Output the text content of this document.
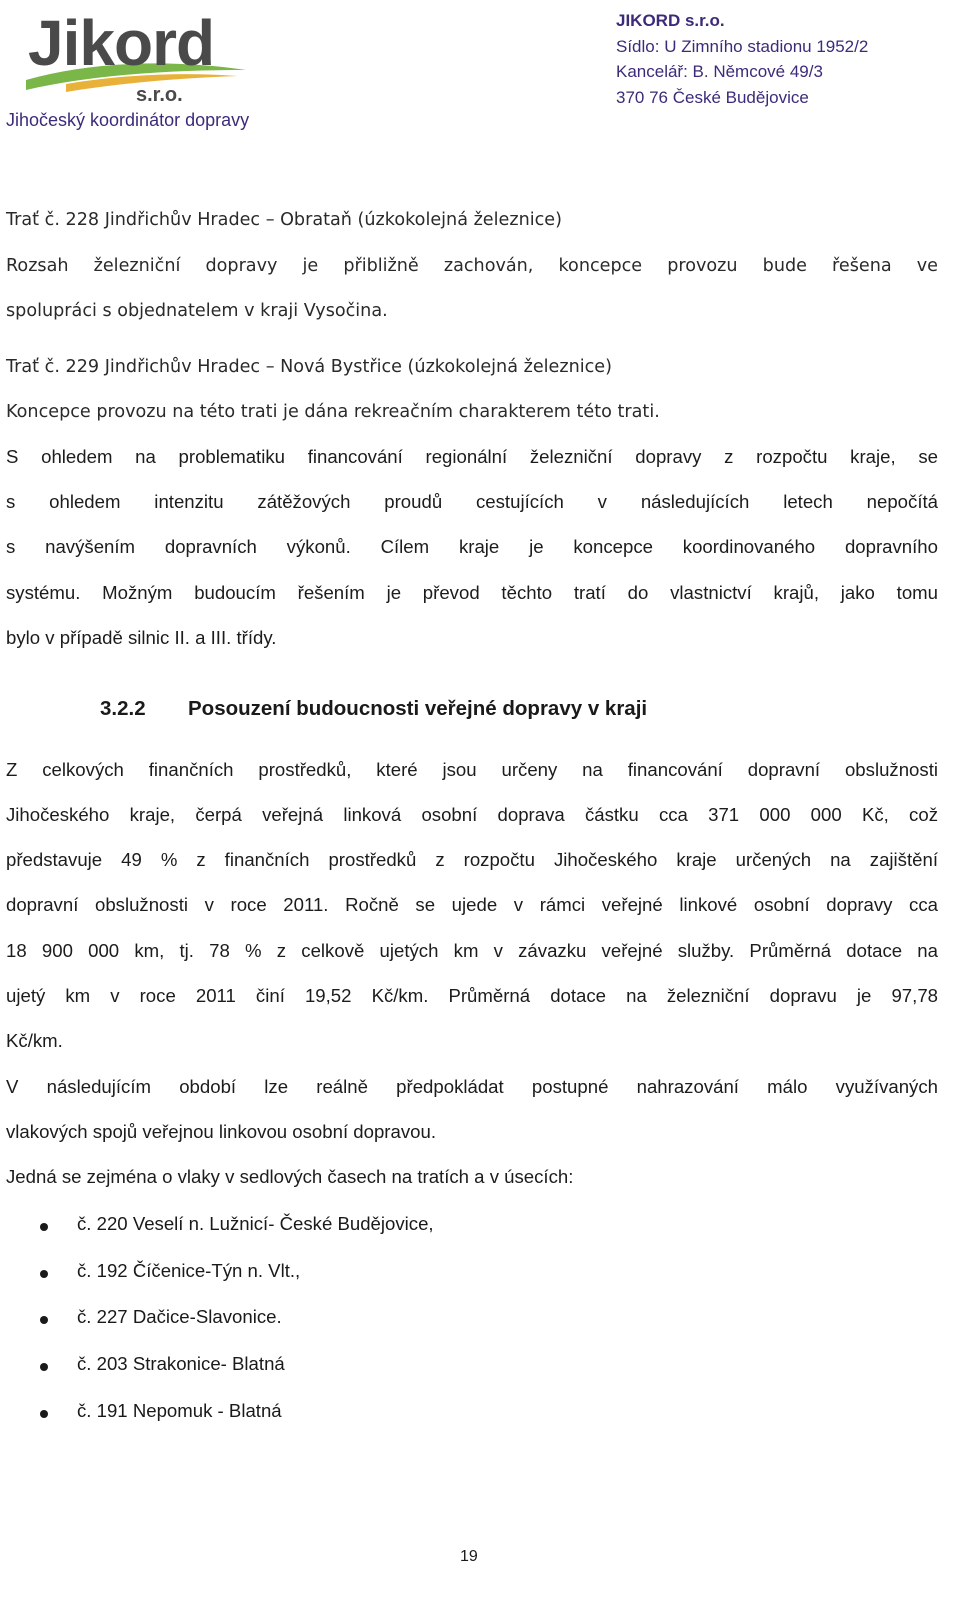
Jikord
s.r.o.
Jihočeský koordinátor dopravy
JIKORD s.r.o.
Sídlo: U Zimního stadionu 1952/2
Kancelář: B. Němcové 49/3
370 76 České Budějovice
Trať č. 228 Jindřichův Hradec – Obrataň (úzkokolejná železnice)
Rozsah železniční dopravy je přibližně zachován, koncepce provozu bude řešena ve
spolupráci s objednatelem v kraji Vysočina.
Trať č. 229 Jindřichův Hradec – Nová Bystřice (úzkokolejná železnice)
Koncepce provozu na této trati je dána rekreačním charakterem této trati.
S ohledem na problematiku financování regionální železniční dopravy z rozpočtu kraje, se
s ohledem intenzitu zátěžových proudů cestujících v následujících letech nepočítá
s navýšením dopravních výkonů. Cílem kraje je koncepce koordinovaného dopravního
systému. Možným budoucím řešením je převod těchto tratí do vlastnictví krajů, jako tomu
bylo v případě silnic II. a III. třídy.
3.2.2 Posouzení budoucnosti veřejné dopravy v kraji
Z celkových finančních prostředků, které jsou určeny na financování dopravní obslužnosti
Jihočeského kraje, čerpá veřejná linková osobní doprava částku cca 371 000 000 Kč, což
představuje 49 % z finančních prostředků z rozpočtu Jihočeského kraje určených na zajištění
dopravní obslužnosti v roce 2011. Ročně se ujede v rámci veřejné linkové osobní dopravy cca
18 900 000 km, tj. 78 % z celkově ujetých km v závazku veřejné služby. Průměrná dotace na
ujetý km v roce 2011 činí 19,52 Kč/km. Průměrná dotace na železniční dopravu je 97,78
Kč/km.
V následujícím období lze reálně předpokládat postupné nahrazování málo využívaných
vlakových spojů veřejnou linkovou osobní dopravou.
Jedná se zejména o vlaky v sedlových časech na tratích a v úsecích:
č. 220 Veselí n. Lužnicí- České Budějovice,
č. 192 Číčenice-Týn n. Vlt.,
č. 227 Dačice-Slavonice.
č. 203 Strakonice- Blatná
č. 191 Nepomuk - Blatná
19
